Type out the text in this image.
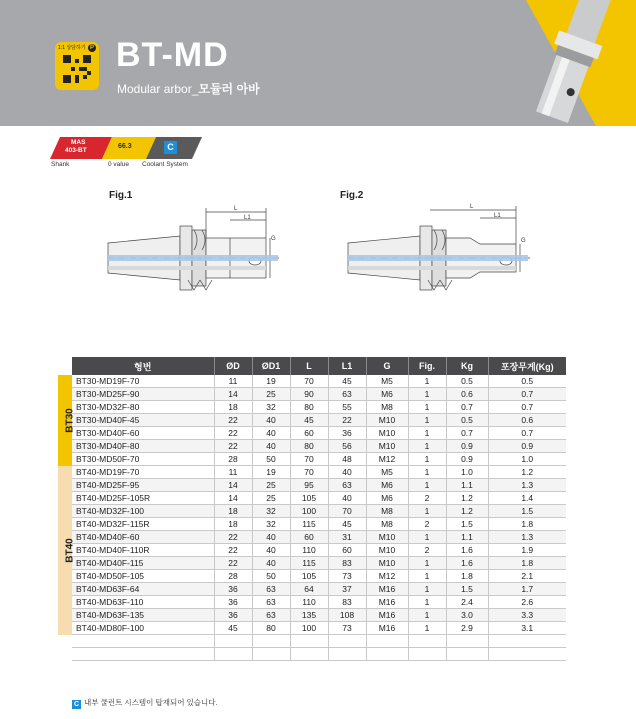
1:1 상담하기 P BT-MD
Modular arbor_모듈러 아바
MAS
403-BT
66.3	C
Shank	0 value Coolant System
Fig.1	Fig.2
L
L1
G
L
L1
G
	형번	ØD	ØD1	L	L1	G	Fig.	Kg	포장무게(Kg)
BT30	BT30-MD19F-70	11	19	70	45	M5	1	0.5	0.5
	BT30-MD25F-90	14	25	90	63	M6	1	0.6	0.7
	BT30-MD32F-80	18	32	80	55	M8	1	0.7	0.7
	BT30-MD40F-45	22	40	45	22	M10	1	0.5	0.6
	BT30-MD40F-60	22	40	60	36	M10	1	0.7	0.7
	BT30-MD40F-80	22	40	80	56	M10	1	0.9	0.9
	BT30-MD50F-70	28	50	70	48	M12	1	0.9	1.0
BT40	BT40-MD19F-70	11	19	70	40	M5	1	1.0	1.2
	BT40-MD25F-95	14	25	95	63	M6	1	1.1	1.3
	BT40-MD25F-105R	14	25	105	40	M6	2	1.2	1.4
	BT40-MD32F-100	18	32	100	70	M8	1	1.2	1.5
	BT40-MD32F-115R	18	32	115	45	M8	2	1.5	1.8
	BT40-MD40F-60	22	40	60	31	M10	1	1.1	1.3
	BT40-MD40F-110R	22	40	110	60	M10	2	1.6	1.9
	BT40-MD40F-115	22	40	115	83	M10	1	1.6	1.8
	BT40-MD50F-105	28	50	105	73	M12	1	1.8	2.1
	BT40-MD63F-64	36	63	64	37	M16	1	1.5	1.7
	BT40-MD63F-110	36	63	110	83	M16	1	2.4	2.6
	BT40-MD63F-135	36	63	135	108	M16	1	3.0	3.3
	BT40-MD80F-100	45	80	100	73	M16	1	2.9	3.1

C 내부 쿨런트 시스템이 탑재되어 있습니다.
